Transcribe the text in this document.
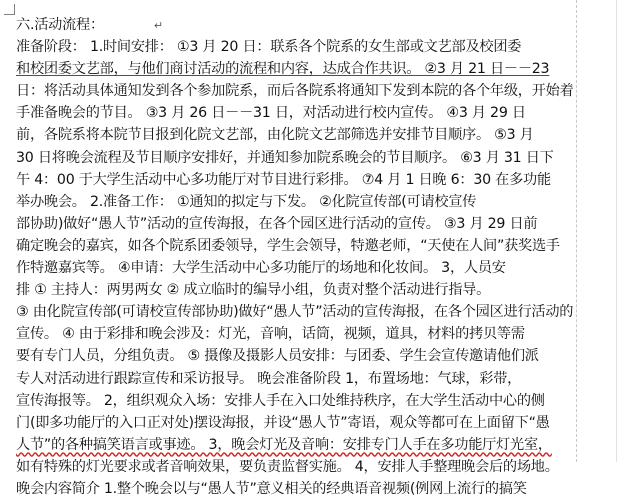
六.活动流程：	↵
准备阶段： 1.时间安排： ①3 月 20 日：联系各个院系的女生部或文艺部及校团委
和校团委文艺部，与他们商讨活动的流程和内容，达成合作共识。 ②3 月 21 日－－23
日：将活动具体通知发到各个参加院系，而后各院系将通知下发到本院的各个年级，开始着
手准备晚会的节目。 ③3 月 26 日－－31 日，对活动进行校内宣传。 ④3 月 29 日
前，各院系将本院节目报到化院文艺部，由化院文艺部筛选并安排节目顺序。 ⑤3 月
30 日将晚会流程及节目顺序安排好，并通知参加院系晚会的节目顺序。 ⑥3 月 31 日下
午 4：00 于大学生活动中心多功能厅对节目进行彩排。 ⑦4 月 1 日晚 6：30 在多功能
举办晚会。 2.准备工作： ①通知的拟定与下发。 ②化院宣传部(可请校宣传
部协助)做好“愚人节”活动的宣传海报，在各个园区进行活动的宣传。 ③3 月 29 日前
确定晚会的嘉宾，如各个院系团委领导，学生会领导，特邀老师，“天使在人间”获奖选手
作特邀嘉宾等。 ④申请：大学生活动中心多功能厅的场地和化妆间。 3，人员安
排 ① 主持人：两男两女 ② 成立临时的编导小组，负责对整个活动进行指导。
③ 由化院宣传部(可请校宣传部协助)做好“愚人节”活动的宣传海报，在各个园区进行活动的
宣传。 ④ 由于彩排和晚会涉及：灯光，音响，话筒，视频，道具，材料的拷贝等需
要有专门人员，分组负责。 ⑤ 摄像及摄影人员安排：与团委、学生会宣传邀请他们派
专人对活动进行跟踪宣传和采访报导。 晚会准备阶段 1，布置场地：气球，彩带，
宣传海报等。 2，组织观众入场：安排人手在入口处维持秩序，在大学生活动中心的侧
门(即多功能厅的入口正对处)摆设海报，并设“愚人节”寄语，观众等都可在上面留下“愚
人节”的各种搞笑语言或事迹。 3，晚会灯光及音响：安排专门人手在多功能厅灯光室，
如有特殊的灯光要求或者音响效果，要负责监督实施。 4，安排人手整理晚会后的场地。
晚会内容简介 1.整个晚会以与“愚人节”意义相关的经典语音视频(例网上流行的搞笑
